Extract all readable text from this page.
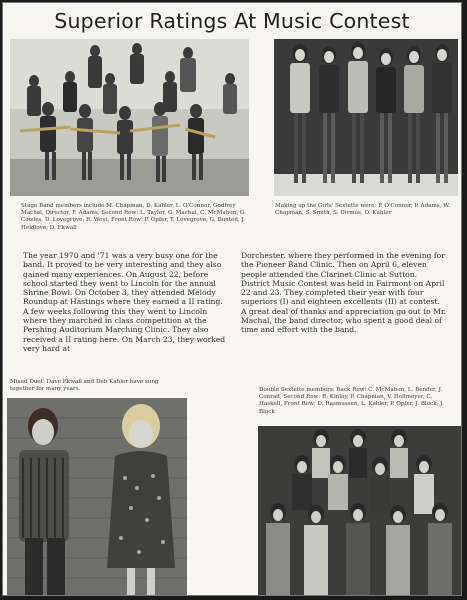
Superior Ratings At Music Contest
Stage Band members include M. Chapman, D. Kahler, L. O'Connor, Godfrey Machal, Director, F. Adams, Second Row: L. Taylor, G. Machal, C. McMahon, G. Cowles, D. Lovegrove, R. West, Front Row: P. Opfer, T. Lovegrove, G. Bunted, J. Heldlove, D. Ekwall
Making up the Girls' Sextette were: P. O'Connor, P. Adams, W. Chapman, S. Smith, S. Dirmus, D. Kahler
The year 1970 and '71 was a very busy one for the band. It proved to be very interesting and they also gained many experiences. On August 22, before school started they went to Lincoln for the annual Shrine Bowl. On October 3, they attended Melody Roundup at Hastings where they earned a II rating. A few weeks following this they went to Lincoln where they marched in class competition at the Pershing Auditorium Marching Clinic. They also received a II rating here. On March 23, they worked very hard at
Dorchester, where they performed in the evening for the Pioneer Band Clinic. Then on April 6, eleven people attended the Clarinet Clinic at Sutton. District Music Contest was held in Fairmont on April 22 and 23. They completed their year with four superiors (I) and eighteen excellents (II) at contest. A great deal of thanks and appreciation go out to Mr. Machal, the band director, who spent a good deal of time and effort with the band.
Mixed Duet: Dave Ekwall and Deb Kahler have sung together for many years.	Double Sextette members: Back Row: C. McMahon, L. Bender, J. Conrad, Second Row: R. Kinley, P. Chapman, V. Hollmeyer, C. Haskell, Front Row: D. Rasmussen, L. Kahler, P. Opfer, J. Block, J. Block
